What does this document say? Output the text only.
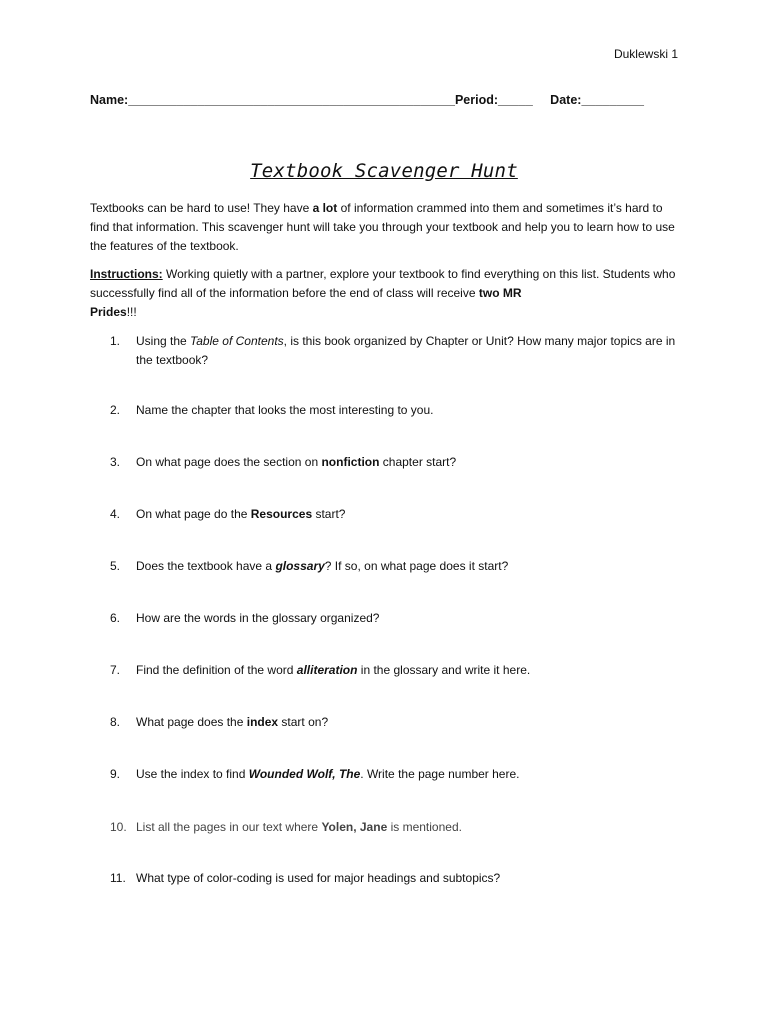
Duklewski 1
Name:_______________________________________________Period:_____ Date:_________
Textbook Scavenger Hunt
Textbooks can be hard to use! They have a lot of information crammed into them and sometimes it’s hard to find that information. This scavenger hunt will take you through your textbook and help you to learn how to use the features of the textbook.
Instructions: Working quietly with a partner, explore your textbook to find everything on this list. Students who successfully find all of the information before the end of class will receive two MR
Prides!!!
1.	Using the Table of Contents, is this book organized by Chapter or Unit? How many major topics are in the textbook?
2.	Name the chapter that looks the most interesting to you.
3.	On what page does the section on nonfiction chapter start?
4.	On what page do the Resources start?
5.	Does the textbook have a glossary? If so, on what page does it start?
6.	How are the words in the glossary organized?
7.	Find the definition of the word alliteration in the glossary and write it here.
8.	What page does the index start on?
9.	Use the index to find Wounded Wolf, The. Write the page number here.
10. List all the pages in our text where Yolen, Jane is mentioned.
11. What type of color-coding is used for major headings and subtopics?
